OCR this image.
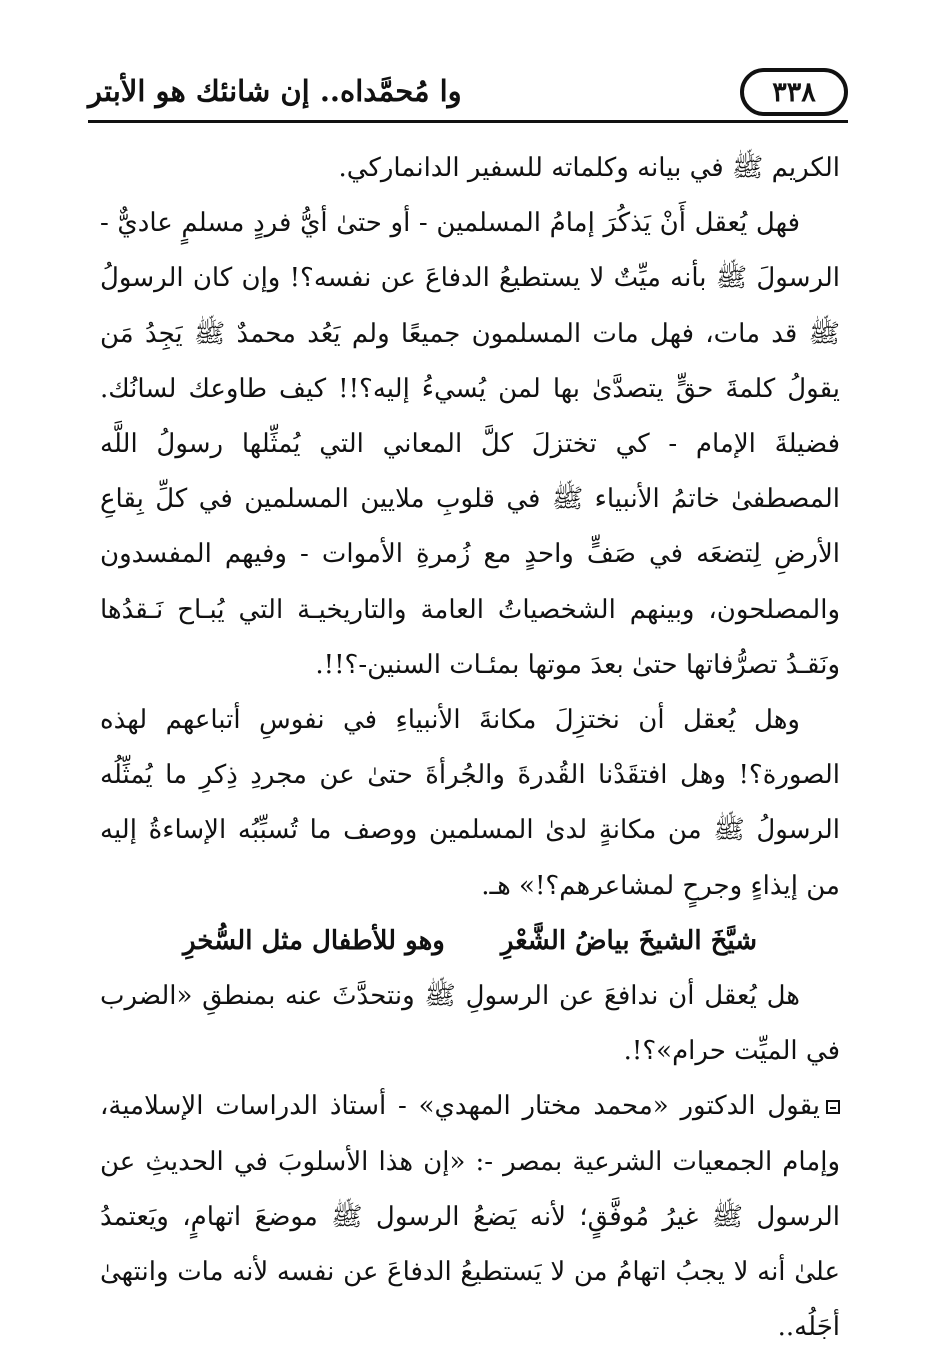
وا مُحمَّداه.. إن شانئك هو الأبتر	٣٣٨

الكريم ﷺ في بيانه وكلماته للسفير الدانماركي.

فهل يُعقل أَنْ يَذكُرَ إمامُ المسلمين - أو حتىٰ أيُّ فردٍ مسلمٍ عاديٌّ - الرسولَ ﷺ بأنه ميِّتٌ لا يستطيعُ الدفاعَ عن نفسه؟! وإن كان الرسولُ ﷺ قد مات، فهل مات المسلمون جميعًا ولم يَعُد محمدٌ ﷺ يَجِدُ مَن يقولُ كلمةَ حقٍّ يتصدَّىٰ بها لمن يُسيءُ إليه؟!! كيف طاوعك لسانُك. فضيلةَ الإمام - كي تختزلَ كلَّ المعاني التي يُمثِّلها رسولُ اللَّه المصطفىٰ خاتمُ الأنبياء ﷺ في قلوبِ ملايين المسلمين في كلِّ بِقاعِ الأرضِ لِتضعَه في صَفٍّ واحدٍ مع زُمرةِ الأموات - وفيهم المفسدون والمصلحون، وبينهم الشخصياتُ العامة والتاريخيـة التي يُبـاح نَـقدُها ونَقـدُ تصرُّفاتها حتىٰ بعدَ موتها بمئـات السنين-؟!!.

وهل يُعقل أن نختزِلَ مكانةَ الأنبياءِ في نفوسِ أتباعهم لهذه الصورة؟! وهل افتقَدْنا القُدرةَ والجُرأةَ حتىٰ عن مجردِ ذِكرِ ما يُمثِّلُه الرسولُ ﷺ من مكانةٍ لدىٰ المسلمين ووصف ما تُسبِّبُه الإساءةُ إليه من إيذاءٍ وجرحٍ لمشاعرهم؟!» هـ.

شيَّخَ الشيخَ بياضُ الشَّعْرِ
وهو للأطفال مثل السُّخرِ

هل يُعقل أن ندافعَ عن الرسولِ ﷺ ونتحدَّثَ عنه بمنطقِ «الضرب في الميِّت حرام»؟!.

يقول الدكتور «محمد مختار المهدي» - أستاذ الدراسات الإسلامية، وإمام الجمعيات الشرعية بمصر -: «إن هذا الأسلوبَ في الحديثِ عن الرسول ﷺ غيرُ مُوفَّقٍ؛ لأنه يَضعُ الرسول ﷺ موضعَ اتهامٍ، ويَعتمدُ علىٰ أنه لا يجبُ اتهامُ من لا يَستطيعُ الدفاعَ عن نفسه لأنه مات وانتهىٰ أجَلُه..
